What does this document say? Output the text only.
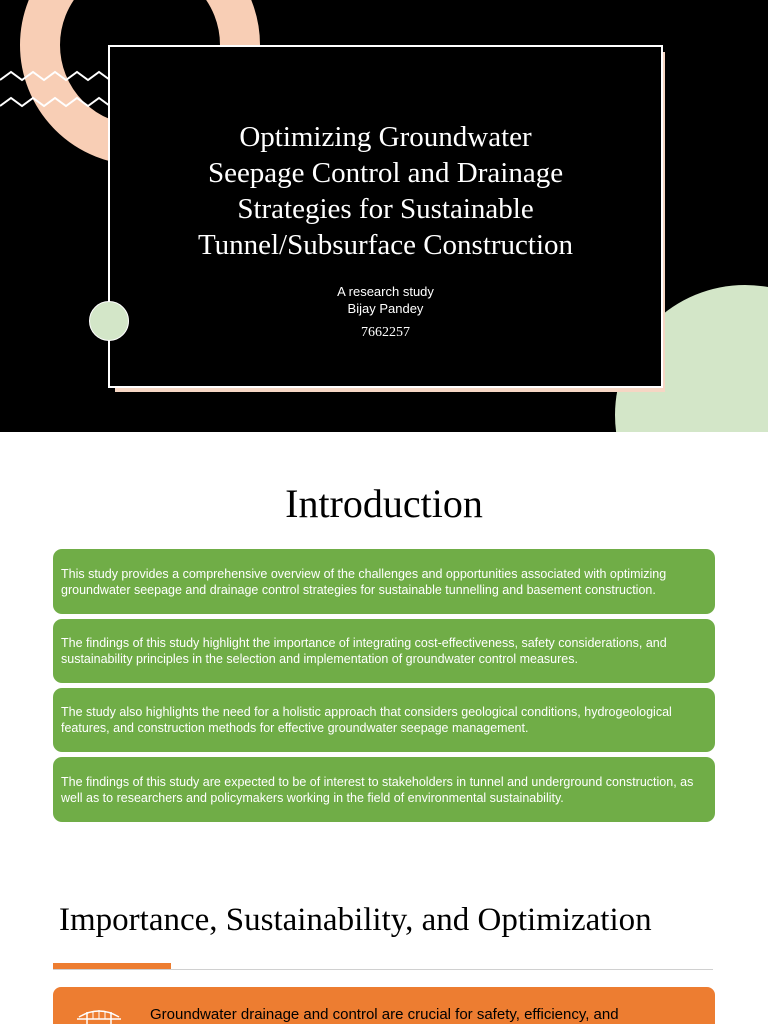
Optimizing Groundwater
Seepage Control and Drainage
Strategies for Sustainable
Tunnel/Subsurface Construction
A research study
Bijay Pandey
7662257
Introduction
This study provides a comprehensive overview of the challenges and opportunities associated with optimizing groundwater seepage and drainage control strategies for sustainable tunnelling and basement construction.
The findings of this study highlight the importance of integrating cost-effectiveness, safety considerations, and sustainability principles in the selection and implementation of groundwater control measures.
The study also highlights the need for a holistic approach that considers geological conditions, hydrogeological features, and construction methods for effective groundwater seepage management.
The findings of this study are expected to be of interest to stakeholders in tunnel and underground construction, as well as to researchers and policymakers working in the field of environmental sustainability.
Importance, Sustainability, and Optimization
Groundwater drainage and control are crucial for safety, efficiency, and
